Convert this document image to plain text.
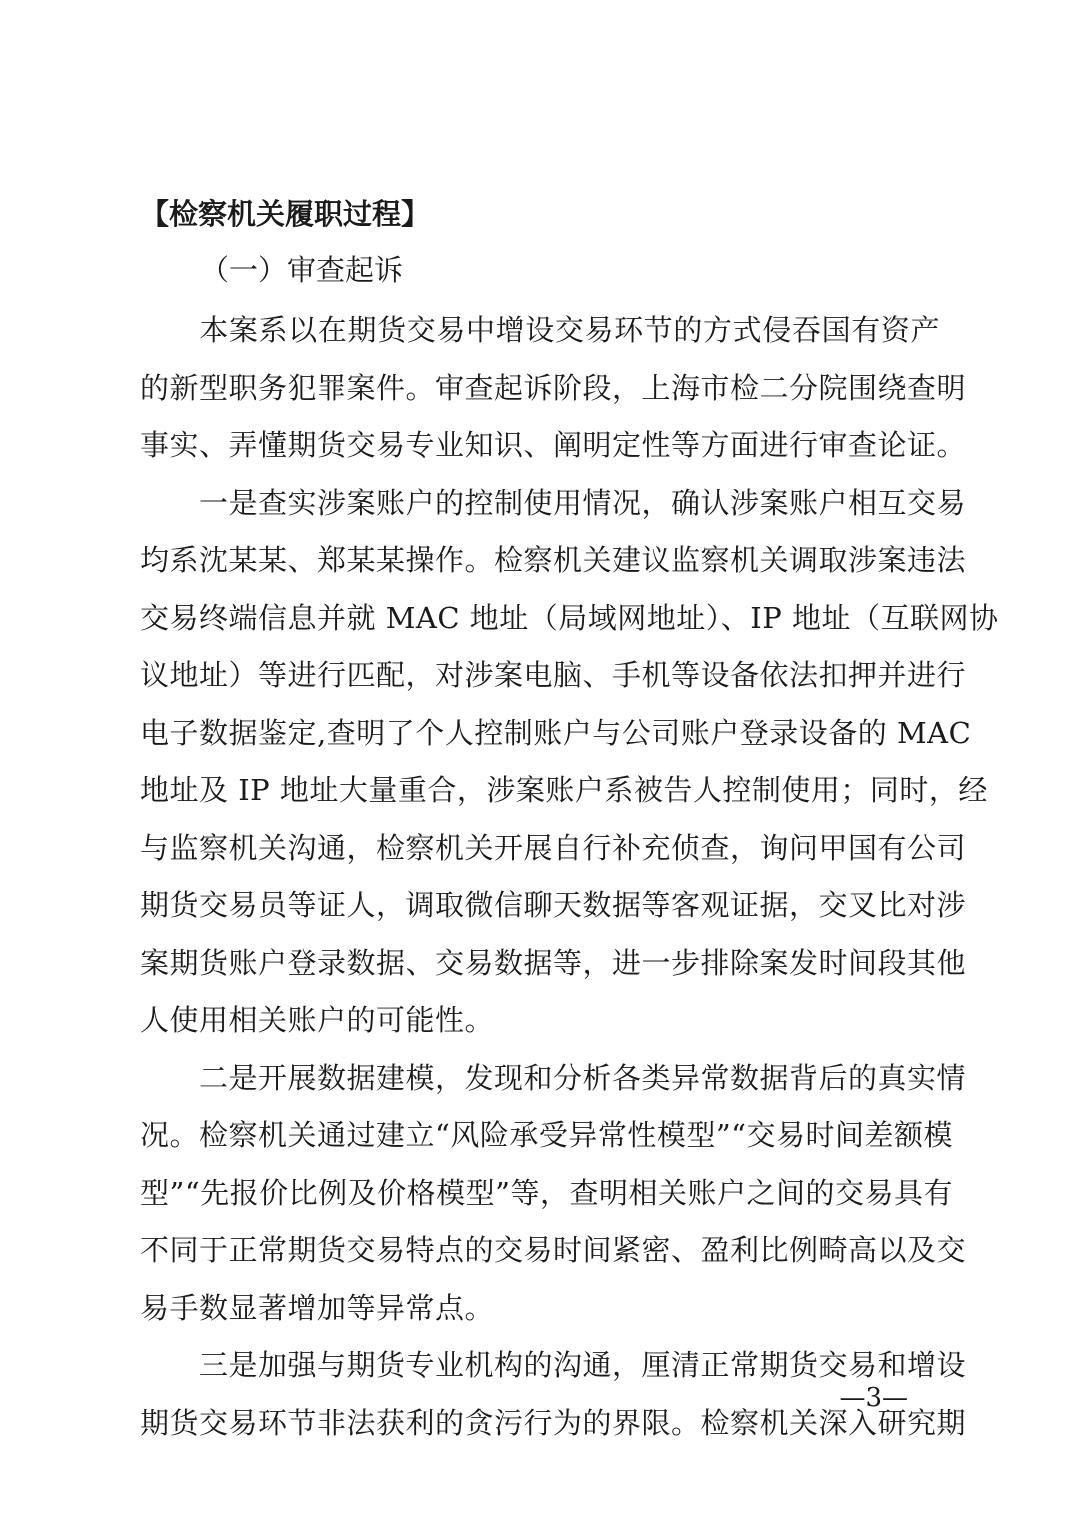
【检察机关履职过程】
（一）审查起诉
　　本案系以在期货交易中增设交易环节的方式侵吞国有资产
的新型职务犯罪案件。审查起诉阶段，上海市检二分院围绕查明
事实、弄懂期货交易专业知识、阐明定性等方面进行审查论证。
　　一是查实涉案账户的控制使用情况，确认涉案账户相互交易
均系沈某某、郑某某操作。检察机关建议监察机关调取涉案违法
交易终端信息并就 MAC 地址（局域网地址）、IP 地址（互联网协
议地址）等进行匹配，对涉案电脑、手机等设备依法扣押并进行
电子数据鉴定,查明了个人控制账户与公司账户登录设备的 MAC
地址及 IP 地址大量重合，涉案账户系被告人控制使用；同时，经
与监察机关沟通，检察机关开展自行补充侦查，询问甲国有公司
期货交易员等证人，调取微信聊天数据等客观证据，交叉比对涉
案期货账户登录数据、交易数据等，进一步排除案发时间段其他
人使用相关账户的可能性。
　　二是开展数据建模，发现和分析各类异常数据背后的真实情
况。检察机关通过建立“风险承受异常性模型”“交易时间差额模
型”“先报价比例及价格模型”等，查明相关账户之间的交易具有
不同于正常期货交易特点的交易时间紧密、盈利比例畸高以及交
易手数显著增加等异常点。
　　三是加强与期货专业机构的沟通，厘清正常期货交易和增设
期货交易环节非法获利的贪污行为的界限。检察机关深入研究期
—3—
